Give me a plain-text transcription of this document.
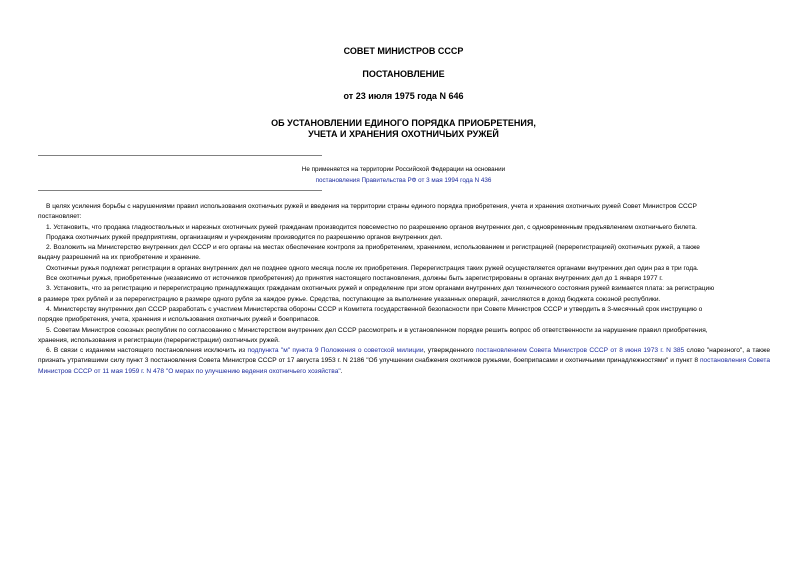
СОВЕТ МИНИСТРОВ СССР
ПОСТАНОВЛЕНИЕ
от 23 июля 1975 года N 646
ОБ УСТАНОВЛЕНИИ ЕДИНОГО ПОРЯДКА ПРИОБРЕТЕНИЯ,
УЧЕТА И ХРАНЕНИЯ ОХОТНИЧЬИХ РУЖЕЙ
Не применяется на территории Российской Федерации на основании
постановления Правительства РФ от 3 мая 1994 года N 436

В целях усиления борьбы с нарушениями правил использования охотничьих ружей и введения на территории страны единого порядка приобретения, учета и хранения охотничьих ружей Совет Министров СССР

постановляет:

1. Установить, что продажа гладкоствольных и нарезных охотничьих ружей гражданам производится повсеместно по разрешению органов внутренних дел, с одновременным предъявлением охотничьего билета.

Продажа охотничьих ружей предприятиям, организациям и учреждениям производится по разрешению органов внутренних дел.

2. Возложить на Министерство внутренних дел СССР и его органы на местах обеспечение контроля за приобретением, хранением, использованием и регистрацией (перерегистрацией) охотничьих ружей, а также

выдачу разрешений на их приобретение и хранение.

Охотничьи ружья подлежат регистрации в органах внутренних дел не позднее одного месяца после их приобретения. Перерегистрация таких ружей осуществляется органами внутренних дел один раз в три года.

Все охотничьи ружья, приобретенные (независимо от источников приобретения) до принятия настоящего постановления, должны быть зарегистрированы в органах внутренних дел до 1 января 1977 г.

3. Установить, что за регистрацию и перерегистрацию принадлежащих гражданам охотничьих ружей и определение при этом органами внутренних дел технического состояния ружей взимается плата: за регистрацию

в размере трех рублей и за перерегистрацию в размере одного рубля за каждое ружье. Средства, поступающие за выполнение указанных операций, зачисляются в доход бюджета союзной республики.

4. Министерству внутренних дел СССР разработать с участием Министерства обороны СССР и Комитета государственной безопасности при Совете Министров СССР и утвердить в 3-месячный срок инструкцию о

порядке приобретения, учета, хранения и использования охотничьих ружей и боеприпасов.

5. Советам Министров союзных республик по согласованию с Министерством внутренних дел СССР рассмотреть и в установленном порядке решить вопрос об ответственности за нарушение правил приобретения,

хранения, использования и регистрации (перерегистрации) охотничьих ружей.

6. В связи с изданием настоящего постановления исключить из подпункта "м" пункта 9 Положения о советской милиции, утвержденного постановлением Совета Министров СССР от 8 июня 1973 г. N 385 слово "нарезного", а также признать утратившими силу пункт 3 постановления Совета Министров СССР от 17 августа 1953 г. N 2186 "Об улучшении снабжения охотников ружьями, боеприпасами и охотничьими принадлежностями" и пункт 8 постановления Совета Министров СССР от 11 мая 1959 г. N 478 "О мерах по улучшению ведения охотничьего хозяйства".
